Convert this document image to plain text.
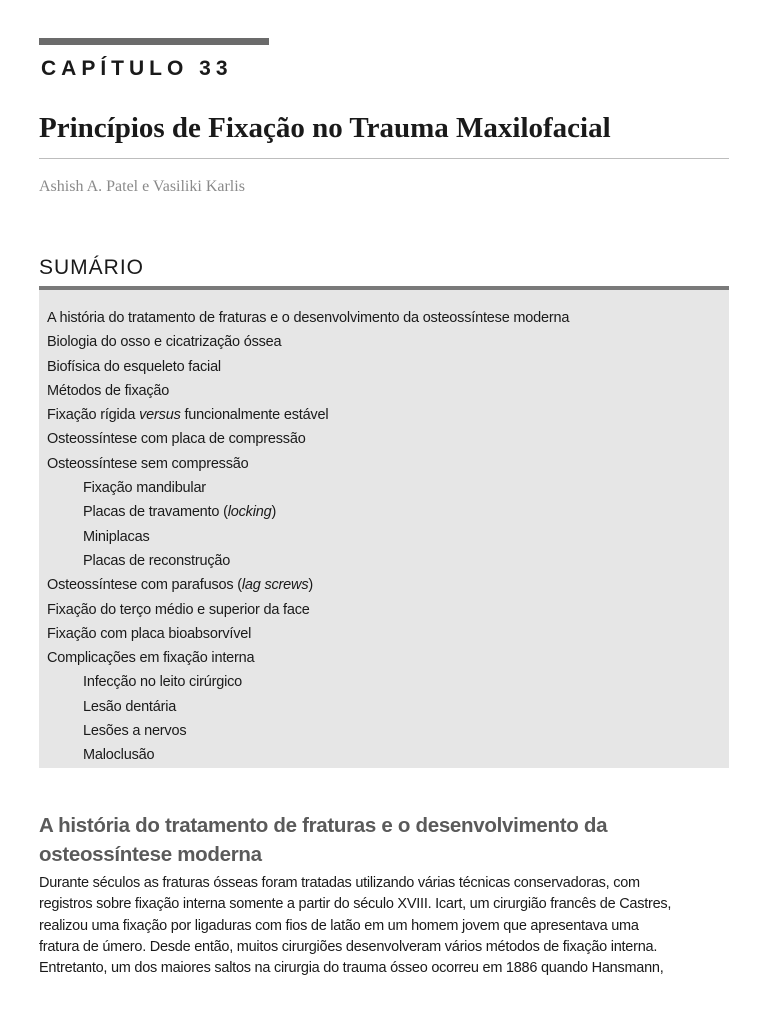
CAPÍTULO 33
Princípios de Fixação no Trauma Maxilofacial
Ashish A. Patel e Vasiliki Karlis
SUMÁRIO
A história do tratamento de fraturas e o desenvolvimento da osteossíntese moderna
Biologia do osso e cicatrização óssea
Biofísica do esqueleto facial
Métodos de fixação
Fixação rígida versus funcionalmente estável
Osteossíntese com placa de compressão
Osteossíntese sem compressão
Fixação mandibular
Placas de travamento (locking)
Miniplacas
Placas de reconstrução
Osteossíntese com parafusos (lag screws)
Fixação do terço médio e superior da face
Fixação com placa bioabsorvível
Complicações em fixação interna
Infecção no leito cirúrgico
Lesão dentária
Lesões a nervos
Maloclusão
A história do tratamento de fraturas e o desenvolvimento da osteossíntese moderna
Durante séculos as fraturas ósseas foram tratadas utilizando várias técnicas conservadoras, com
registros sobre fixação interna somente a partir do século XVIII. Icart, um cirurgião francês de Castres,
realizou uma fixação por ligaduras com fios de latão em um homem jovem que apresentava uma
fratura de úmero. Desde então, muitos cirurgiões desenvolveram vários métodos de fixação interna.
Entretanto, um dos maiores saltos na cirurgia do trauma ósseo ocorreu em 1886 quando Hansmann,
